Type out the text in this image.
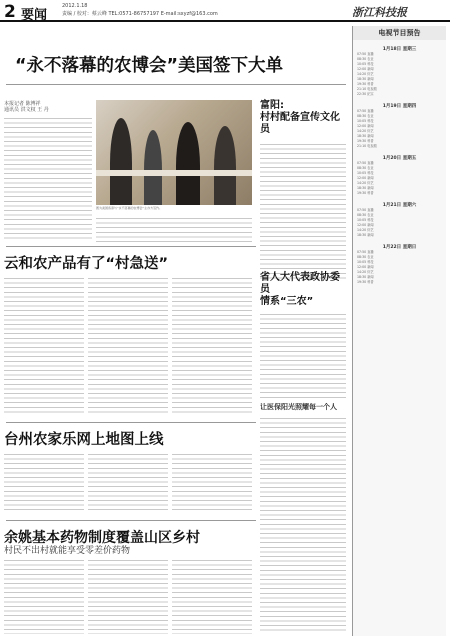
2 要闻
2012.1.18
责编 / 校对：蔡云峰 TEL:0571-86757197 E-mail:sxyzf@163.com	浙江科技报
“永不落幕的农博会”美国签下大单
本报记者 陈博祥
通讯员 洪文权 王 丹
图为美国客商与“永不落幕的农博会”主办方签约。
富阳:
村村配备宣传文化员
云和农产品有了“村急送”
省人大代表政协委员
情系“三农”
让医保阳光照耀每一个人
台州农家乐网上地图上线
余姚基本药物制度覆盖山区乡村
村民不出村就能享受零差价药物
电视节目预告
1月18日 星期三
07:50 直播
08:30 农业
10:05 科技
12:00 新闻
14:20 综艺
18:30 新闻
19:30 科普
21:10 电视剧
22:30 纪实
1月19日 星期四
07:50 直播
08:30 农业
10:05 科技
12:00 新闻
14:20 综艺
18:30 新闻
19:30 科普
21:10 电视剧
1月20日 星期五
07:50 直播
08:30 农业
10:05 科技
12:00 新闻
14:20 综艺
18:30 新闻
19:30 科普
1月21日 星期六
07:50 直播
08:30 农业
10:05 科技
12:00 新闻
14:20 综艺
18:30 新闻
1月22日 星期日
07:50 直播
08:30 农业
10:05 科技
12:00 新闻
14:20 综艺
18:30 新闻
19:30 科普
